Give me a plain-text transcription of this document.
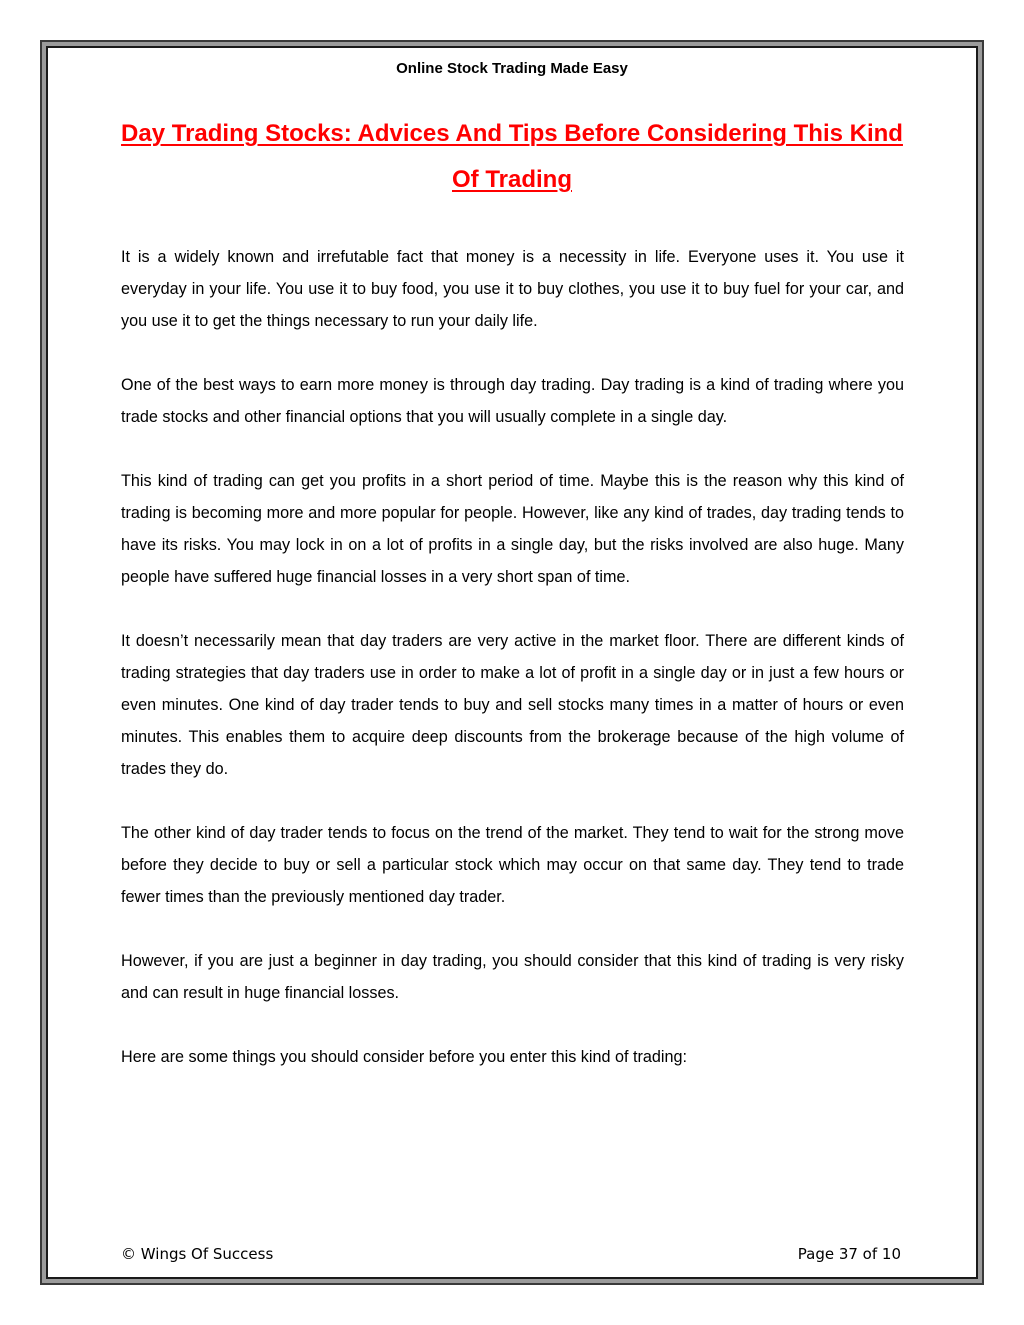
Online Stock Trading Made Easy
Day Trading Stocks: Advices And Tips Before Considering This Kind Of Trading

It is a widely known and irrefutable fact that money is a necessity in life. Everyone uses it. You use it everyday in your life. You use it to buy food, you use it to buy clothes, you use it to buy fuel for your car, and you use it to get the things necessary to run your daily life.

One of the best ways to earn more money is through day trading. Day trading is a kind of trading where you trade stocks and other financial options that you will usually complete in a single day.

This kind of trading can get you profits in a short period of time. Maybe this is the reason why this kind of trading is becoming more and more popular for people. However, like any kind of trades, day trading tends to have its risks. You may lock in on a lot of profits in a single day, but the risks involved are also huge. Many people have suffered huge financial losses in a very short span of time.

It doesn’t necessarily mean that day traders are very active in the market floor. There are different kinds of trading strategies that day traders use in order to make a lot of profit in a single day or in just a few hours or even minutes. One kind of day trader tends to buy and sell stocks many times in a matter of hours or even minutes. This enables them to acquire deep discounts from the brokerage because of the high volume of trades they do.

The other kind of day trader tends to focus on the trend of the market. They tend to wait for the strong move before they decide to buy or sell a particular stock which may occur on that same day. They tend to trade fewer times than the previously mentioned day trader.

However, if you are just a beginner in day trading, you should consider that this kind of trading is very risky and can result in huge financial losses.

Here are some things you should consider before you enter this kind of trading:

© Wings Of Success	Page 37 of 10
